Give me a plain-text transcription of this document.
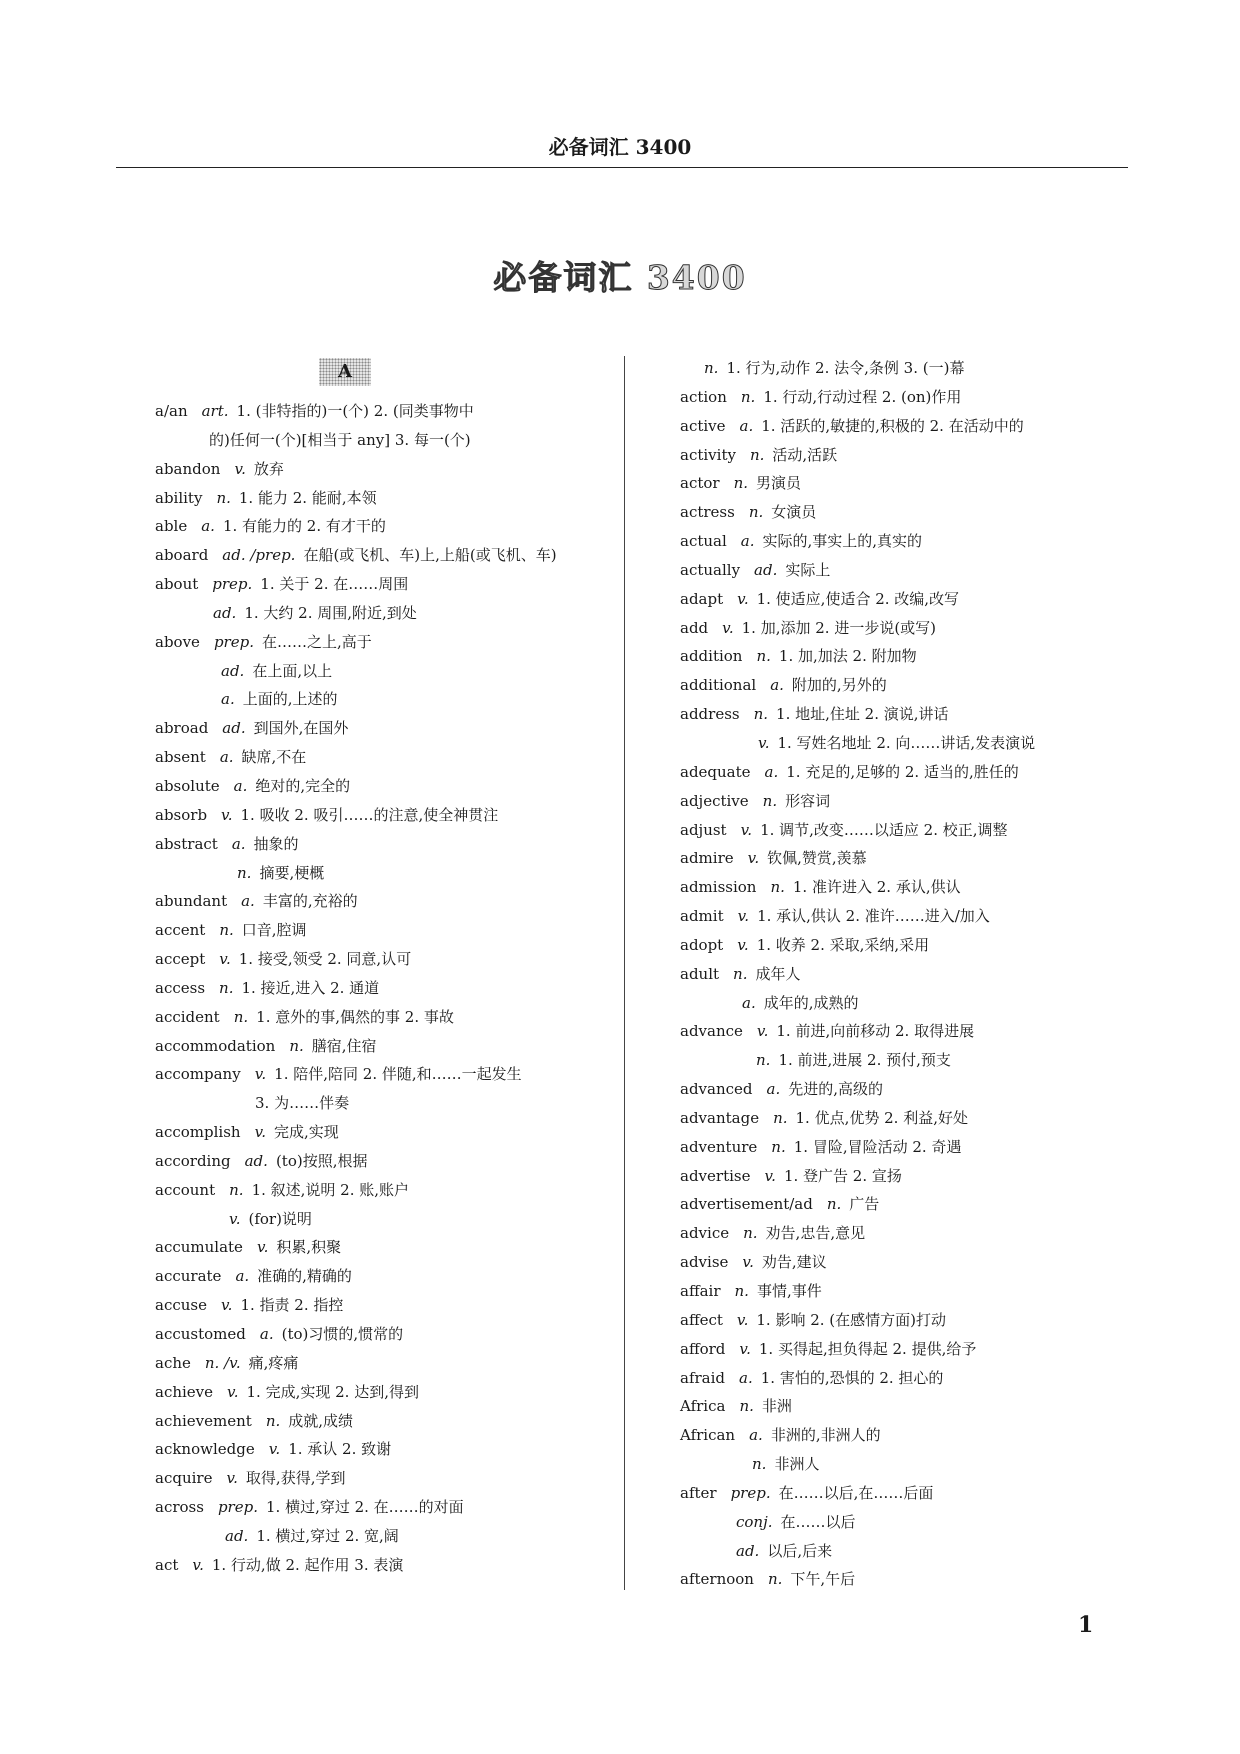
必备词汇 3400
必备词汇 3400
A
a/an art. 1. (非特指的)一(个) 2. (同类事物中
的)任何一(个)[相当于 any] 3. 每一(个)
abandon v. 放弃
ability n. 1. 能力 2. 能耐,本领
able a. 1. 有能力的 2. 有才干的
aboard ad. /prep. 在船(或飞机、车)上,上船(或飞机、车)
about prep. 1. 关于 2. 在……周围
ad. 1. 大约 2. 周围,附近,到处
above prep. 在……之上,高于
ad. 在上面,以上
a. 上面的,上述的
abroad ad. 到国外,在国外
absent a. 缺席,不在
absolute a. 绝对的,完全的
absorb v. 1. 吸收 2. 吸引……的注意,使全神贯注
abstract a. 抽象的
n. 摘要,梗概
abundant a. 丰富的,充裕的
accent n. 口音,腔调
accept v. 1. 接受,领受 2. 同意,认可
access n. 1. 接近,进入 2. 通道
accident n. 1. 意外的事,偶然的事 2. 事故
accommodation n. 膳宿,住宿
accompany v. 1. 陪伴,陪同 2. 伴随,和……一起发生
3. 为……伴奏
accomplish v. 完成,实现
according ad. (to)按照,根据
account n. 1. 叙述,说明 2. 账,账户
v. (for)说明
accumulate v. 积累,积聚
accurate a. 准确的,精确的
accuse v. 1. 指责 2. 指控
accustomed a. (to)习惯的,惯常的
ache n. /v. 痛,疼痛
achieve v. 1. 完成,实现 2. 达到,得到
achievement n. 成就,成绩
acknowledge v. 1. 承认 2. 致谢
acquire v. 取得,获得,学到
across prep. 1. 横过,穿过 2. 在……的对面
ad. 1. 横过,穿过 2. 宽,阔
act v. 1. 行动,做 2. 起作用 3. 表演
n. 1. 行为,动作 2. 法令,条例 3. (一)幕
action n. 1. 行动,行动过程 2. (on)作用
active a. 1. 活跃的,敏捷的,积极的 2. 在活动中的
activity n. 活动,活跃
actor n. 男演员
actress n. 女演员
actual a. 实际的,事实上的,真实的
actually ad. 实际上
adapt v. 1. 使适应,使适合 2. 改编,改写
add v. 1. 加,添加 2. 进一步说(或写)
addition n. 1. 加,加法 2. 附加物
additional a. 附加的,另外的
address n. 1. 地址,住址 2. 演说,讲话
v. 1. 写姓名地址 2. 向……讲话,发表演说
adequate a. 1. 充足的,足够的 2. 适当的,胜任的
adjective n. 形容词
adjust v. 1. 调节,改变……以适应 2. 校正,调整
admire v. 钦佩,赞赏,羡慕
admission n. 1. 准许进入 2. 承认,供认
admit v. 1. 承认,供认 2. 准许……进入/加入
adopt v. 1. 收养 2. 采取,采纳,采用
adult n. 成年人
a. 成年的,成熟的
advance v. 1. 前进,向前移动 2. 取得进展
n. 1. 前进,进展 2. 预付,预支
advanced a. 先进的,高级的
advantage n. 1. 优点,优势 2. 利益,好处
adventure n. 1. 冒险,冒险活动 2. 奇遇
advertise v. 1. 登广告 2. 宣扬
advertisement/ad n. 广告
advice n. 劝告,忠告,意见
advise v. 劝告,建议
affair n. 事情,事件
affect v. 1. 影响 2. (在感情方面)打动
afford v. 1. 买得起,担负得起 2. 提供,给予
afraid a. 1. 害怕的,恐惧的 2. 担心的
Africa n. 非洲
African a. 非洲的,非洲人的
n. 非洲人
after prep. 在……以后,在……后面
conj. 在……以后
ad. 以后,后来
afternoon n. 下午,午后
1
